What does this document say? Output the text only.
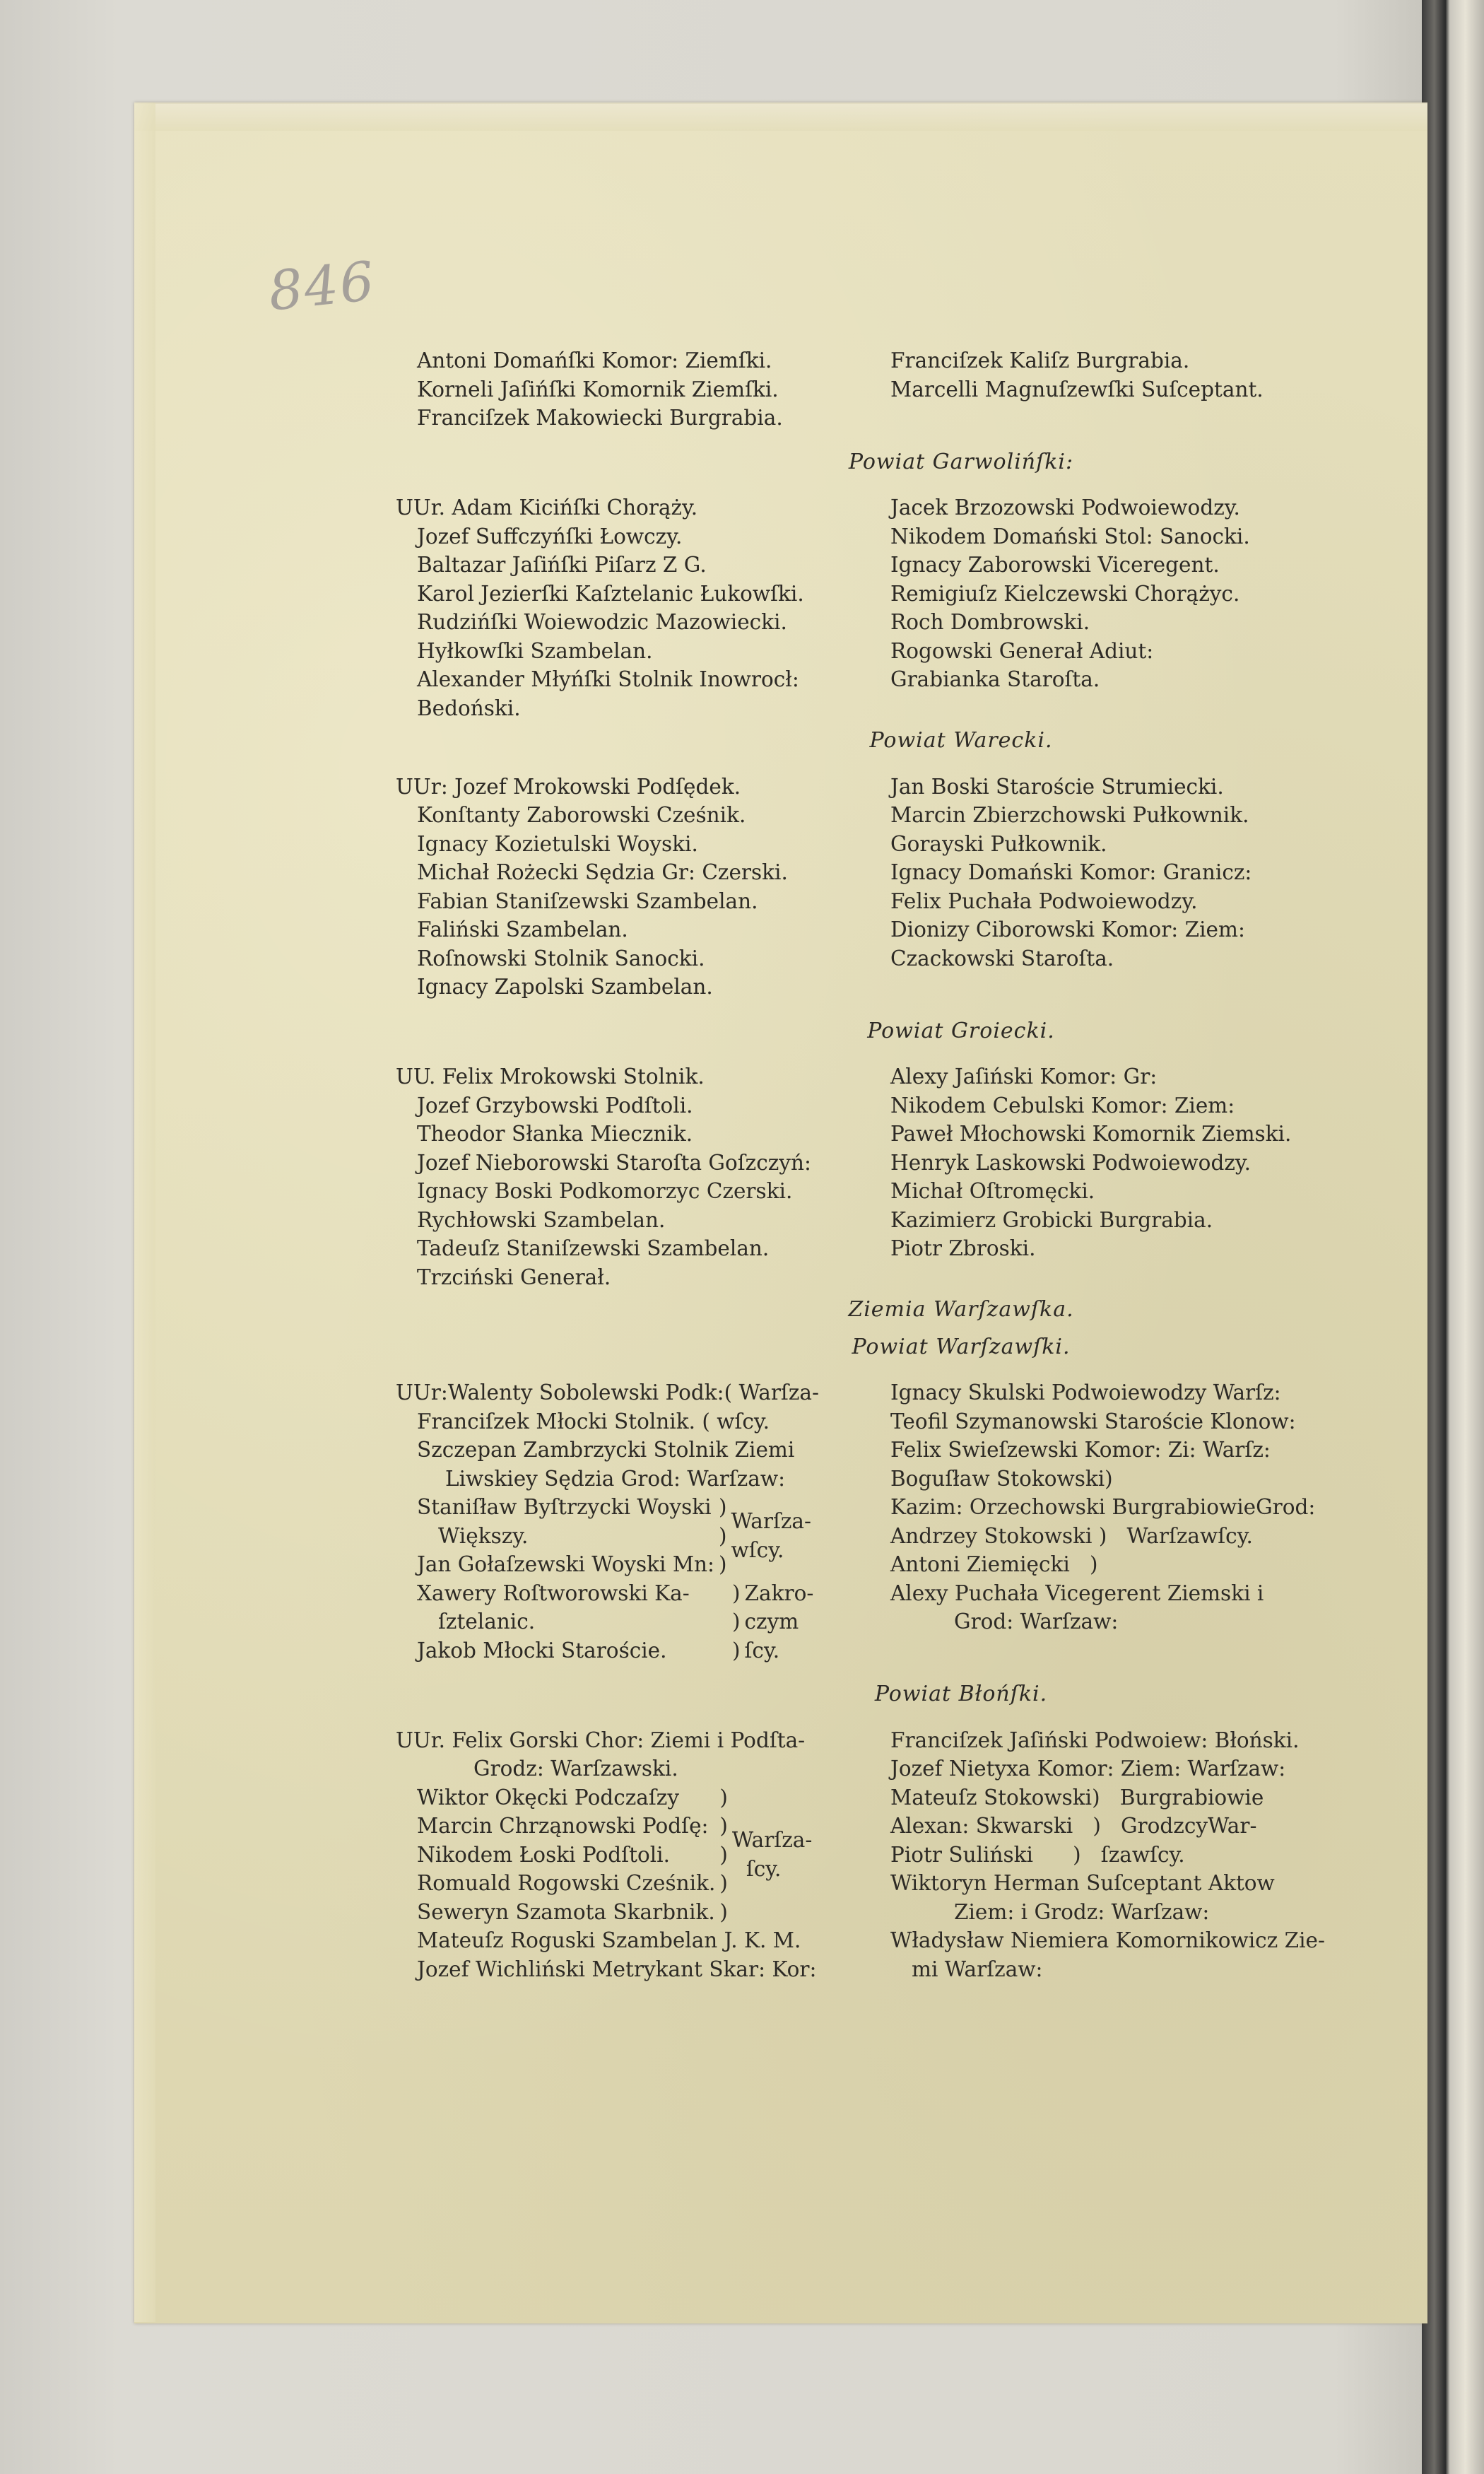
846
Antoni Domańſki Komor: Ziemſki.
Korneli Jaſińſki Komornik Ziemſki.
Franciſzek Makowiecki Burgrabia.
Franciſzek Kaliſz Burgrabia.
Marcelli Magnuſzewſki Suſceptant.
Powiat Garwolińſki:
UUr. Adam Kicińſki Chorąży.
Jozef Suffczyńſki Łowczy.
Baltazar Jaſińſki Piſarz Z G.
Karol Jezierſki Kaſztelanic Łukowſki.
Rudzińſki Woiewodzic Mazowiecki.
Hyłkowſki Szambelan.
Alexander Młyńſki Stolnik Inowrocł:
Bedoński.
Jacek Brzozowski Podwoiewodzy.
Nikodem Domański Stol: Sanocki.
Ignacy Zaborowski Viceregent.
Remigiuſz Kielczewski Chorążyc.
Roch Dombrowski.
Rogowski Generał Adiut:
Grabianka Staroſta.
Powiat Warecki.
UUr: Jozef Mrokowski Podſędek.
Konſtanty Zaborowski Cześnik.
Ignacy Kozietulski Woyski.
Michał Rożecki Sędzia Gr: Czerski.
Fabian Staniſzewski Szambelan.
Faliński Szambelan.
Roſnowski Stolnik Sanocki.
Ignacy Zapolski Szambelan.
Jan Boski Staroście Strumiecki.
Marcin Zbierzchowski Pułkownik.
Gorayski Pułkownik.
Ignacy Domański Komor: Granicz:
Felix Puchała Podwoiewodzy.
Dionizy Ciborowski Komor: Ziem:
Czackowski Staroſta.
Powiat Groiecki.
UU. Felix Mrokowski Stolnik.
Jozef Grzybowski Podſtoli.
Theodor Słanka Miecznik.
Jozef Nieborowski Staroſta Goſzczyń:
Ignacy Boski Podkomorzyc Czerski.
Rychłowski Szambelan.
Tadeuſz Staniſzewski Szambelan.
Trzciński Generał.
Alexy Jaſiński Komor: Gr:
Nikodem Cebulski Komor: Ziem:
Paweł Młochowski Komornik Ziemski.
Henryk Laskowski Podwoiewodzy.
Michał Oſtromęcki.
Kazimierz Grobicki Burgrabia.
Piotr Zbroski.
Ziemia Warſzawſka.
Powiat Warſzawſki.
UUr:Walenty Sobolewski Podk:( Warſza-
Franciſzek Młocki Stolnik. ( wſcy.
Szczepan Zambrzycki Stolnik Ziemi
Liwskiey Sędzia Grod: Warſzaw:
Staniſław Byſtrzycki Woyski
Większy.
Jan Gołaſzewski Woyski Mn:
)
)
)
Warſza-
wſcy.
Xawery Roſtworowski Ka-
ſztelanic.
Jakob Młocki Staroście.
)
)
)
Zakro-
czym
ſcy.
Ignacy Skulski Podwoiewodzy Warſz:
Teofil Szymanowski Staroście Klonow:
Felix Swieſzewski Komor: Zi: Warſz:
Boguſław Stokowski)
Kazim: Orzechowski BurgrabiowieGrod:
Andrzey Stokowski )   Warſzawſcy.
Antoni Ziemięcki   )
Alexy Puchała Vicegerent Ziemski i
Grod: Warſzaw:
Powiat Błońſki.
UUr. Felix Gorski Chor: Ziemi i Podſta-
Grodz: Warſzawski.
Wiktor Okęcki Podczaſzy
Marcin Chrząnowski Podſę:
Nikodem Łoski Podſtoli.
Romuald Rogowski Cześnik.
Seweryn Szamota Skarbnik.
)
)
)
)
)
Warſza-
ſcy.
Mateuſz Roguski Szambelan J. K. M.
Jozef Wichliński Metrykant Skar: Kor:
Franciſzek Jaſiński Podwoiew: Błoński.
Jozef Nietyxa Komor: Ziem: Warſzaw:
Mateuſz Stokowski)   Burgrabiowie
Alexan: Skwarski   )   GrodzcyWar-
Piotr Suliński      )   ſzawſcy.
Wiktoryn Herman Suſceptant Aktow
Ziem: i Grodz: Warſzaw:
Władysław Niemiera Komornikowicz Zie-
mi Warſzaw:
